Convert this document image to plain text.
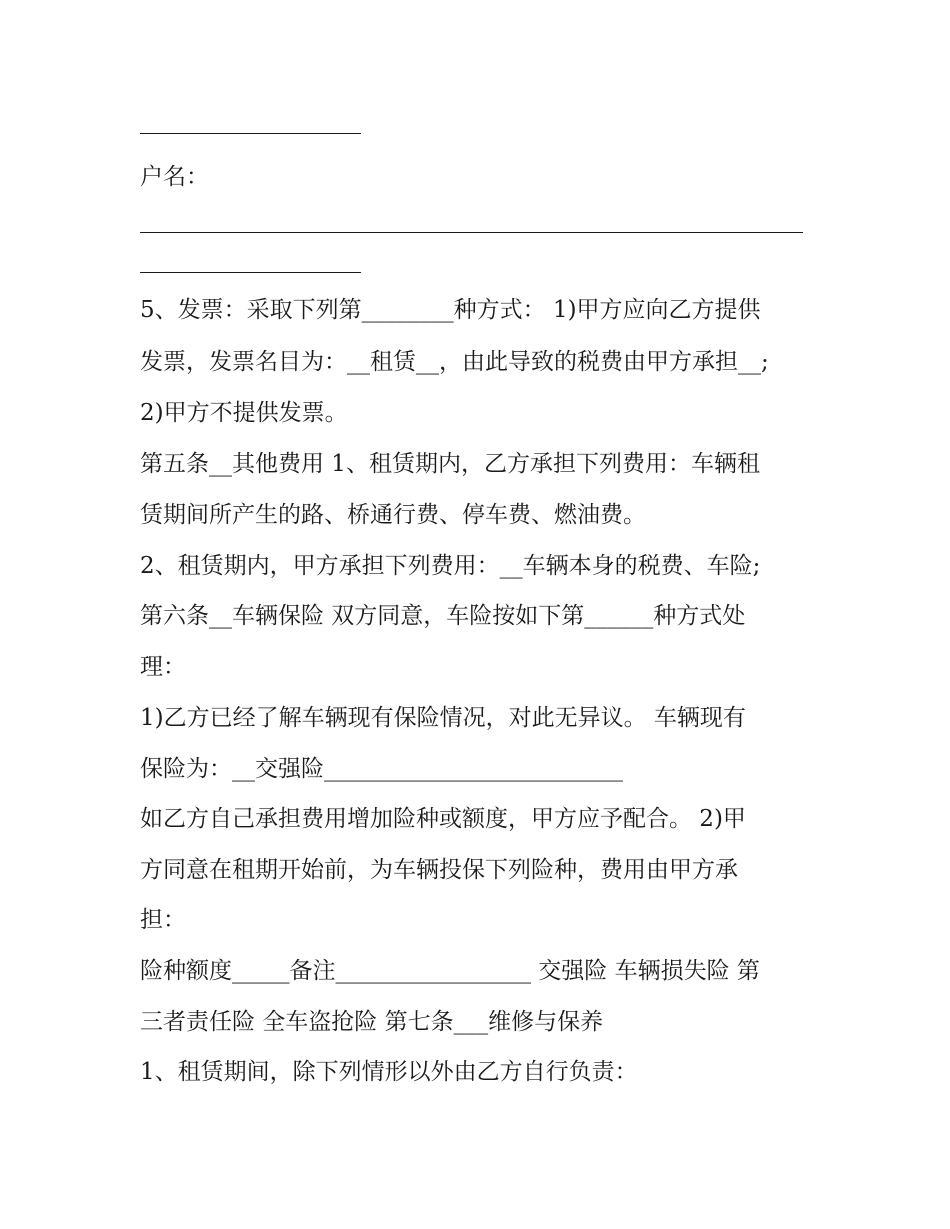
户名：
5、发票：采取下列第________种方式： 1)甲方应向乙方提供
发票，发票名目为：__租赁__，由此导致的税费由甲方承担__;
2)甲方不提供发票。
第五条__其他费用 1、租赁期内，乙方承担下列费用：车辆租
赁期间所产生的路、桥通行费、停车费、燃油费。
2、租赁期内，甲方承担下列费用：__车辆本身的税费、车险;
第六条__车辆保险 双方同意，车险按如下第______种方式处
理：
1)乙方已经了解车辆现有保险情况，对此无异议。 车辆现有
保险为：__交强险__________________________
如乙方自己承担费用增加险种或额度，甲方应予配合。 2)甲
方同意在租期开始前，为车辆投保下列险种，费用由甲方承
担：
险种额度_____备注_________________ 交强险 车辆损失险 第
三者责任险 全车盗抢险 第七条___维修与保养
1、租赁期间，除下列情形以外由乙方自行负责：
